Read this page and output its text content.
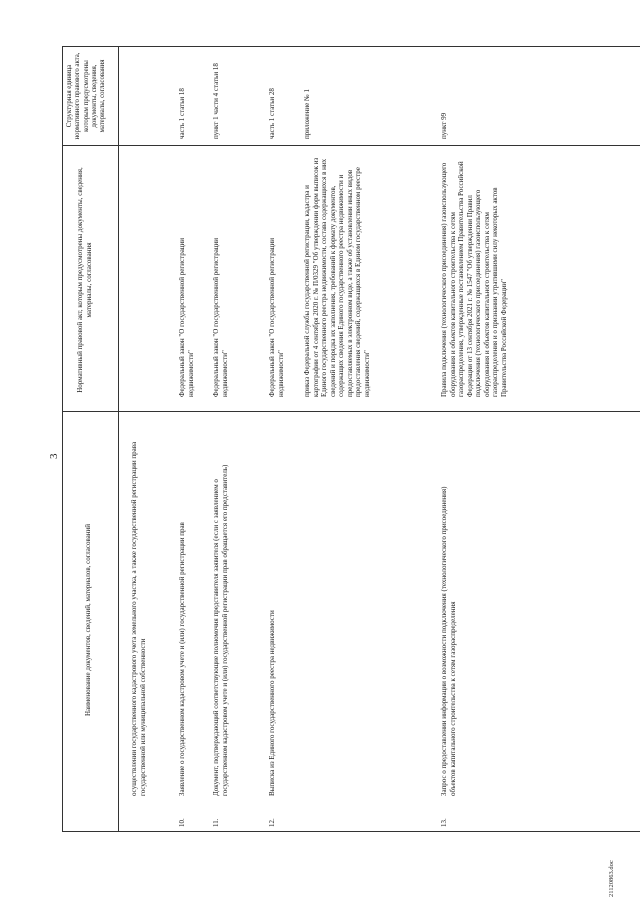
3
Наименование документов, сведений, материалов, согласований
Нормативный правовой акт, которым предусмотрены документы, сведения, материалы, согласования
Структурная единица нормативного правового акта, которым предусмотрены документы, сведения, материалы, согласования
осуществлении государственного кадастрового учета земельного участка, а также государственной регистрации права государственной или муниципальной собственности
10.
Заявление о государственном кадастровом учете и (или) государственной регистрации прав
Федеральный закон "О государственной регистрации недвижимости"
часть 1 статьи 18
11.
Документ, подтверждающий соответствующие полномочия представителя заявителя (если с заявлением о государственном кадастровом учете и (или) государственной регистрации прав обращается его представитель)
Федеральный закон "О государственной регистрации недвижимости"
пункт 1 части 4 статьи 18
12.
Выписка из Единого государственного реестра недвижимости
Федеральный закон "О государственной регистрации недвижимости"
часть 1 статьи 28
приказ Федеральной службы государственной регистрации, кадастра и картографии от 4 сентября 2020 г. № П/0329 "Об утверждении форм выписок из Единого государственного реестра недвижимости, состава содержащихся в них сведений и порядка их заполнения, требований к формату документов, содержащих сведения Единого государственного реестра недвижимости и предоставляемых в электронном виде, а также об установлении иных видов предоставления сведений, содержащихся в Едином государственном реестре недвижимости"
приложение № 1
13.
Запрос о предоставлении информации о возможности подключения (технологического присоединения) объектов капитального строительства к сетям газораспределения
Правила подключения (технологического присоединения) газоиспользующего оборудования и объектов капитального строительства к сетям газораспределения, утвержденные постановлением Правительства Российской Федерации от 13 сентября 2021 г. № 1547 "Об утверждении Правил подключения (технологического присоединения) газоиспользующего оборудования и объектов капитального строительства к сетям газораспределения и о признании утратившими силу некоторых актов Правительства Российской Федерации"
пункт 99
21120863.doc
